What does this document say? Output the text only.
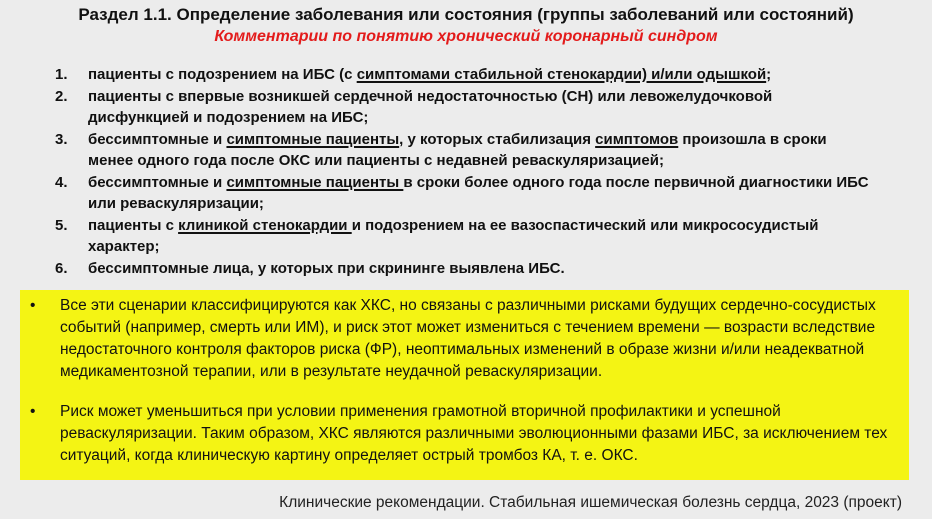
Раздел 1.1. Определение заболевания или состояния (группы заболеваний или состояний)
Комментарии по понятию хронический коронарный синдром
1. пациенты с подозрением на ИБС (с симптомами стабильной стенокардии) и/или одышкой;
2. пациенты с впервые возникшей сердечной недостаточностью (СН) или левожелудочковой дисфункцией и подозрением на ИБС;
3. бессимптомные и симптомные пациенты, у которых стабилизация симптомов произошла в сроки менее одного года после ОКС или пациенты с недавней реваскуляризацией;
4. бессимптомные и симптомные пациенты в сроки более одного года после первичной диагностики ИБС или реваскуляризации;
5. пациенты с клиникой стенокардии и подозрением на ее вазоспастический или микрососудистый характер;
6. бессимптомные лица, у которых при скрининге выявлена ИБС.
• Все эти сценарии классифицируются как ХКС, но связаны с различными рисками будущих сердечно-сосудистых событий (например, смерть или ИМ), и риск этот может измениться с течением времени — возрасти вследствие недостаточного контроля факторов риска (ФР), неоптимальных изменений в образе жизни и/или неадекватной медикаментозной терапии, или в результате неудачной реваскуляризации.
• Риск может уменьшиться при условии применения грамотной вторичной профилактики и успешной реваскуляризации. Таким образом, ХКС являются различными эволюционными фазами ИБС, за исключением тех ситуаций, когда клиническую картину определяет острый тромбоз КА, т. е. ОКС.
Клинические рекомендации. Стабильная ишемическая болезнь сердца, 2023 (проект)
